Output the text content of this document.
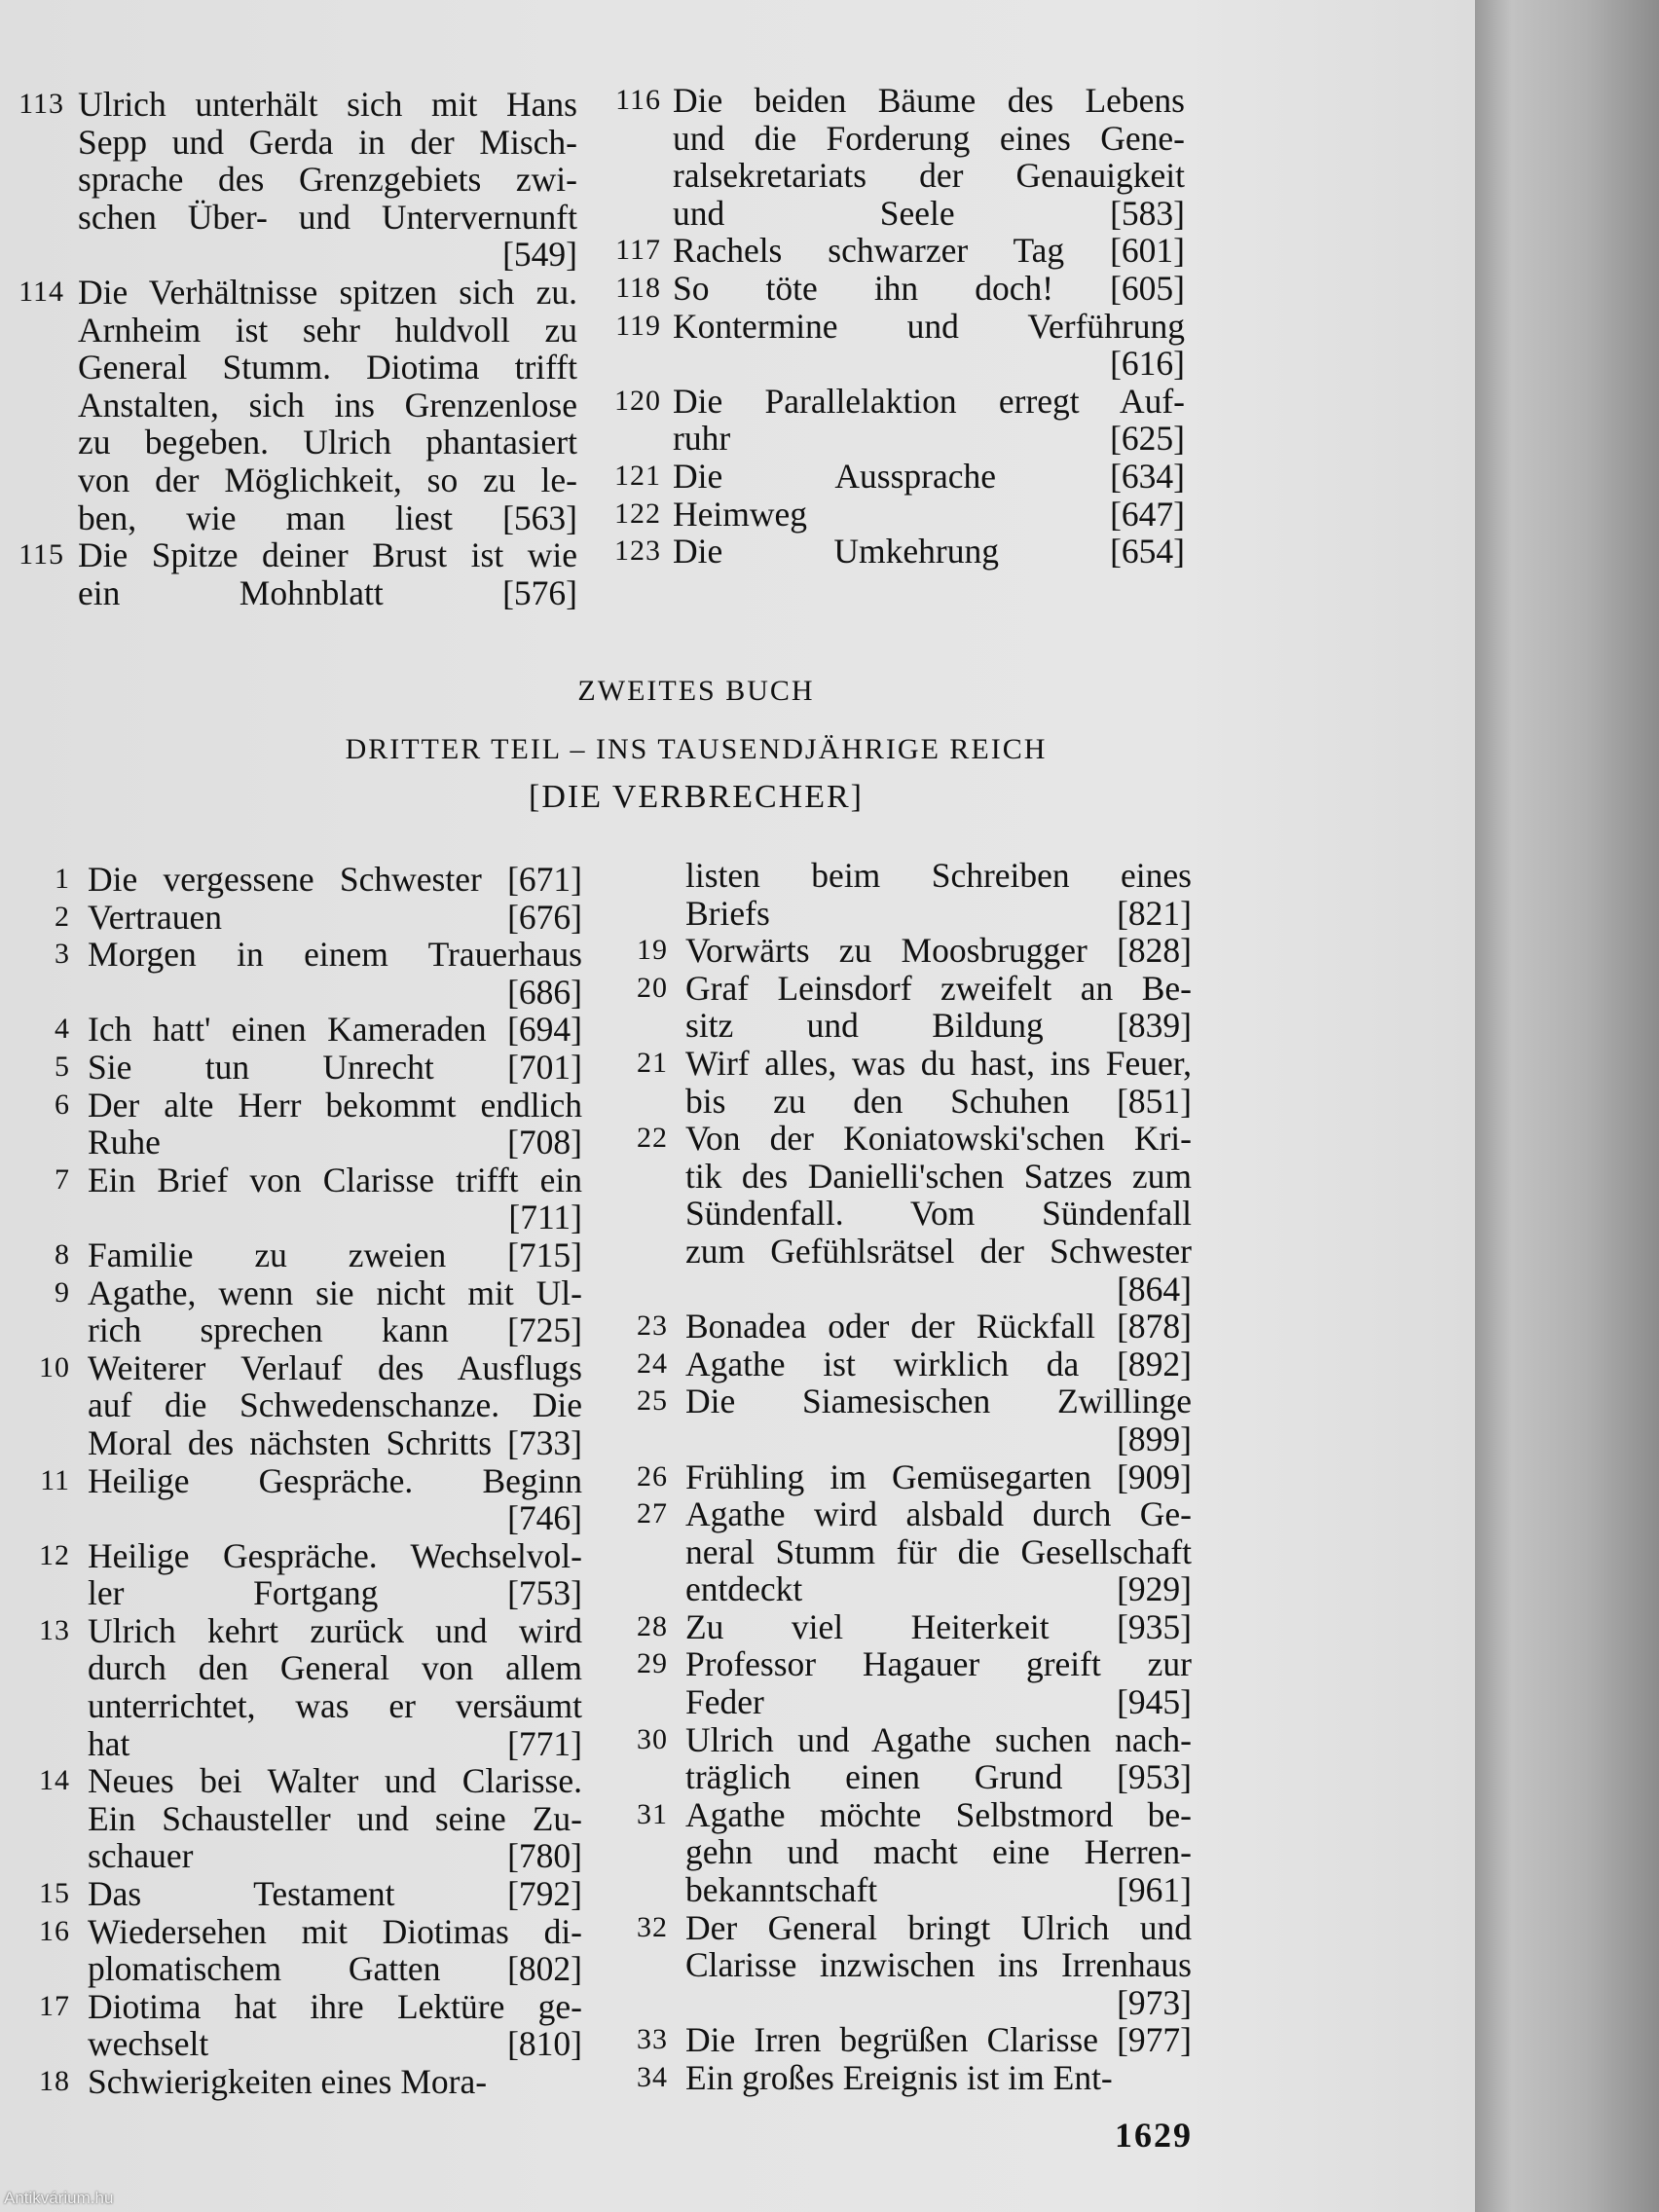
113 Ulrich unterhält sich mit Hans
Sepp und Gerda in der Misch-
sprache des Grenzgebiets zwi-
schen Über- und Untervernunft
[549]
114 Die Verhältnisse spitzen sich zu.
Arnheim ist sehr huldvoll zu
General Stumm. Diotima trifft
Anstalten, sich ins Grenzenlose
zu begeben. Ulrich phantasiert
von der Möglichkeit, so zu le-
ben, wie man liest [563]
115 Die Spitze deiner Brust ist wie
ein Mohnblatt [576]
116 Die beiden Bäume des Lebens
und die Forderung eines Gene-
ralsekretariats der Genauigkeit
und Seele [583]
117 Rachels schwarzer Tag [601]
118 So töte ihn doch! [605]
119 Kontermine und Verführung
[616]
120 Die Parallelaktion erregt Auf-
ruhr [625]
121 Die Aussprache [634]
122 Heimweg [647]
123 Die Umkehrung [654]
ZWEITES BUCH
DRITTER TEIL – INS TAUSENDJÄHRIGE REICH
[DIE VERBRECHER]
1 Die vergessene Schwester [671]
2 Vertrauen [676]
3 Morgen in einem Trauerhaus
[686]
4 Ich hatt' einen Kameraden [694]
5 Sie tun Unrecht [701]
6 Der alte Herr bekommt endlich
Ruhe [708]
7 Ein Brief von Clarisse trifft ein
[711]
8 Familie zu zweien [715]
9 Agathe, wenn sie nicht mit Ul-
rich sprechen kann [725]
10 Weiterer Verlauf des Ausflugs
auf die Schwedenschanze. Die
Moral des nächsten Schritts [733]
11 Heilige Gespräche. Beginn
[746]
12 Heilige Gespräche. Wechselvol-
ler Fortgang [753]
13 Ulrich kehrt zurück und wird
durch den General von allem
unterrichtet, was er versäumt
hat [771]
14 Neues bei Walter und Clarisse.
Ein Schausteller und seine Zu-
schauer [780]
15 Das Testament [792]
16 Wiedersehen mit Diotimas di-
plomatischem Gatten [802]
17 Diotima hat ihre Lektüre ge-
wechselt [810]
18 Schwierigkeiten eines Mora-
listen beim Schreiben eines
Briefs [821]
19 Vorwärts zu Moosbrugger [828]
20 Graf Leinsdorf zweifelt an Be-
sitz und Bildung [839]
21 Wirf alles, was du hast, ins Feuer,
bis zu den Schuhen [851]
22 Von der Koniatowski'schen Kri-
tik des Danielli'schen Satzes zum
Sündenfall. Vom Sündenfall
zum Gefühlsrätsel der Schwester
[864]
23 Bonadea oder der Rückfall [878]
24 Agathe ist wirklich da [892]
25 Die Siamesischen Zwillinge
[899]
26 Frühling im Gemüsegarten [909]
27 Agathe wird alsbald durch Ge-
neral Stumm für die Gesellschaft
entdeckt [929]
28 Zu viel Heiterkeit [935]
29 Professor Hagauer greift zur
Feder [945]
30 Ulrich und Agathe suchen nach-
träglich einen Grund [953]
31 Agathe möchte Selbstmord be-
gehn und macht eine Herren-
bekanntschaft [961]
32 Der General bringt Ulrich und
Clarisse inzwischen ins Irrenhaus
[973]
33 Die Irren begrüßen Clarisse [977]
34 Ein großes Ereignis ist im Ent-
1629
Antikvárium.hu
